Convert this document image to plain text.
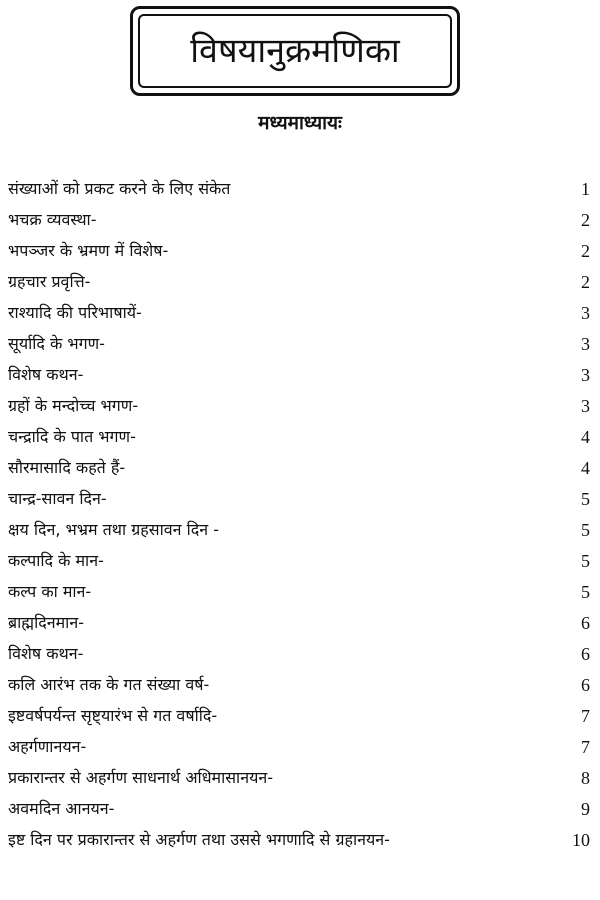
विषयानुक्रमणिका
मध्यमाध्यायः
संख्याओं को प्रकट करने के लिए संकेत	1
भचक्र व्यवस्था-	2
भपञ्जर के भ्रमण में विशेष-	2
ग्रहचार प्रवृत्ति-	2
राश्यादि की परिभाषायें-	3
सूर्यादि के भगण-	3
विशेष कथन-	3
ग्रहों के मन्दोच्च भगण-	3
चन्द्रादि के पात भगण-	4
सौरमासादि कहते हैं-	4
चान्द्र-सावन दिन-	5
क्षय दिन, भभ्रम तथा ग्रहसावन दिन -	5
कल्पादि के मान-	5
कल्प का मान-	5
ब्राह्मदिनमान-	6
विशेष कथन-	6
कलि आरंभ तक के गत संख्या वर्ष-	6
इष्टवर्षपर्यन्त सृष्ट्यारंभ से गत वर्षादि-	7
अहर्गणानयन-	7
प्रकारान्तर से अहर्गण साधनार्थ अधिमासानयन-	8
अवमदिन आनयन-	9
इष्ट दिन पर प्रकारान्तर से अहर्गण तथा उससे भगणादि से ग्रहानयन-	10
